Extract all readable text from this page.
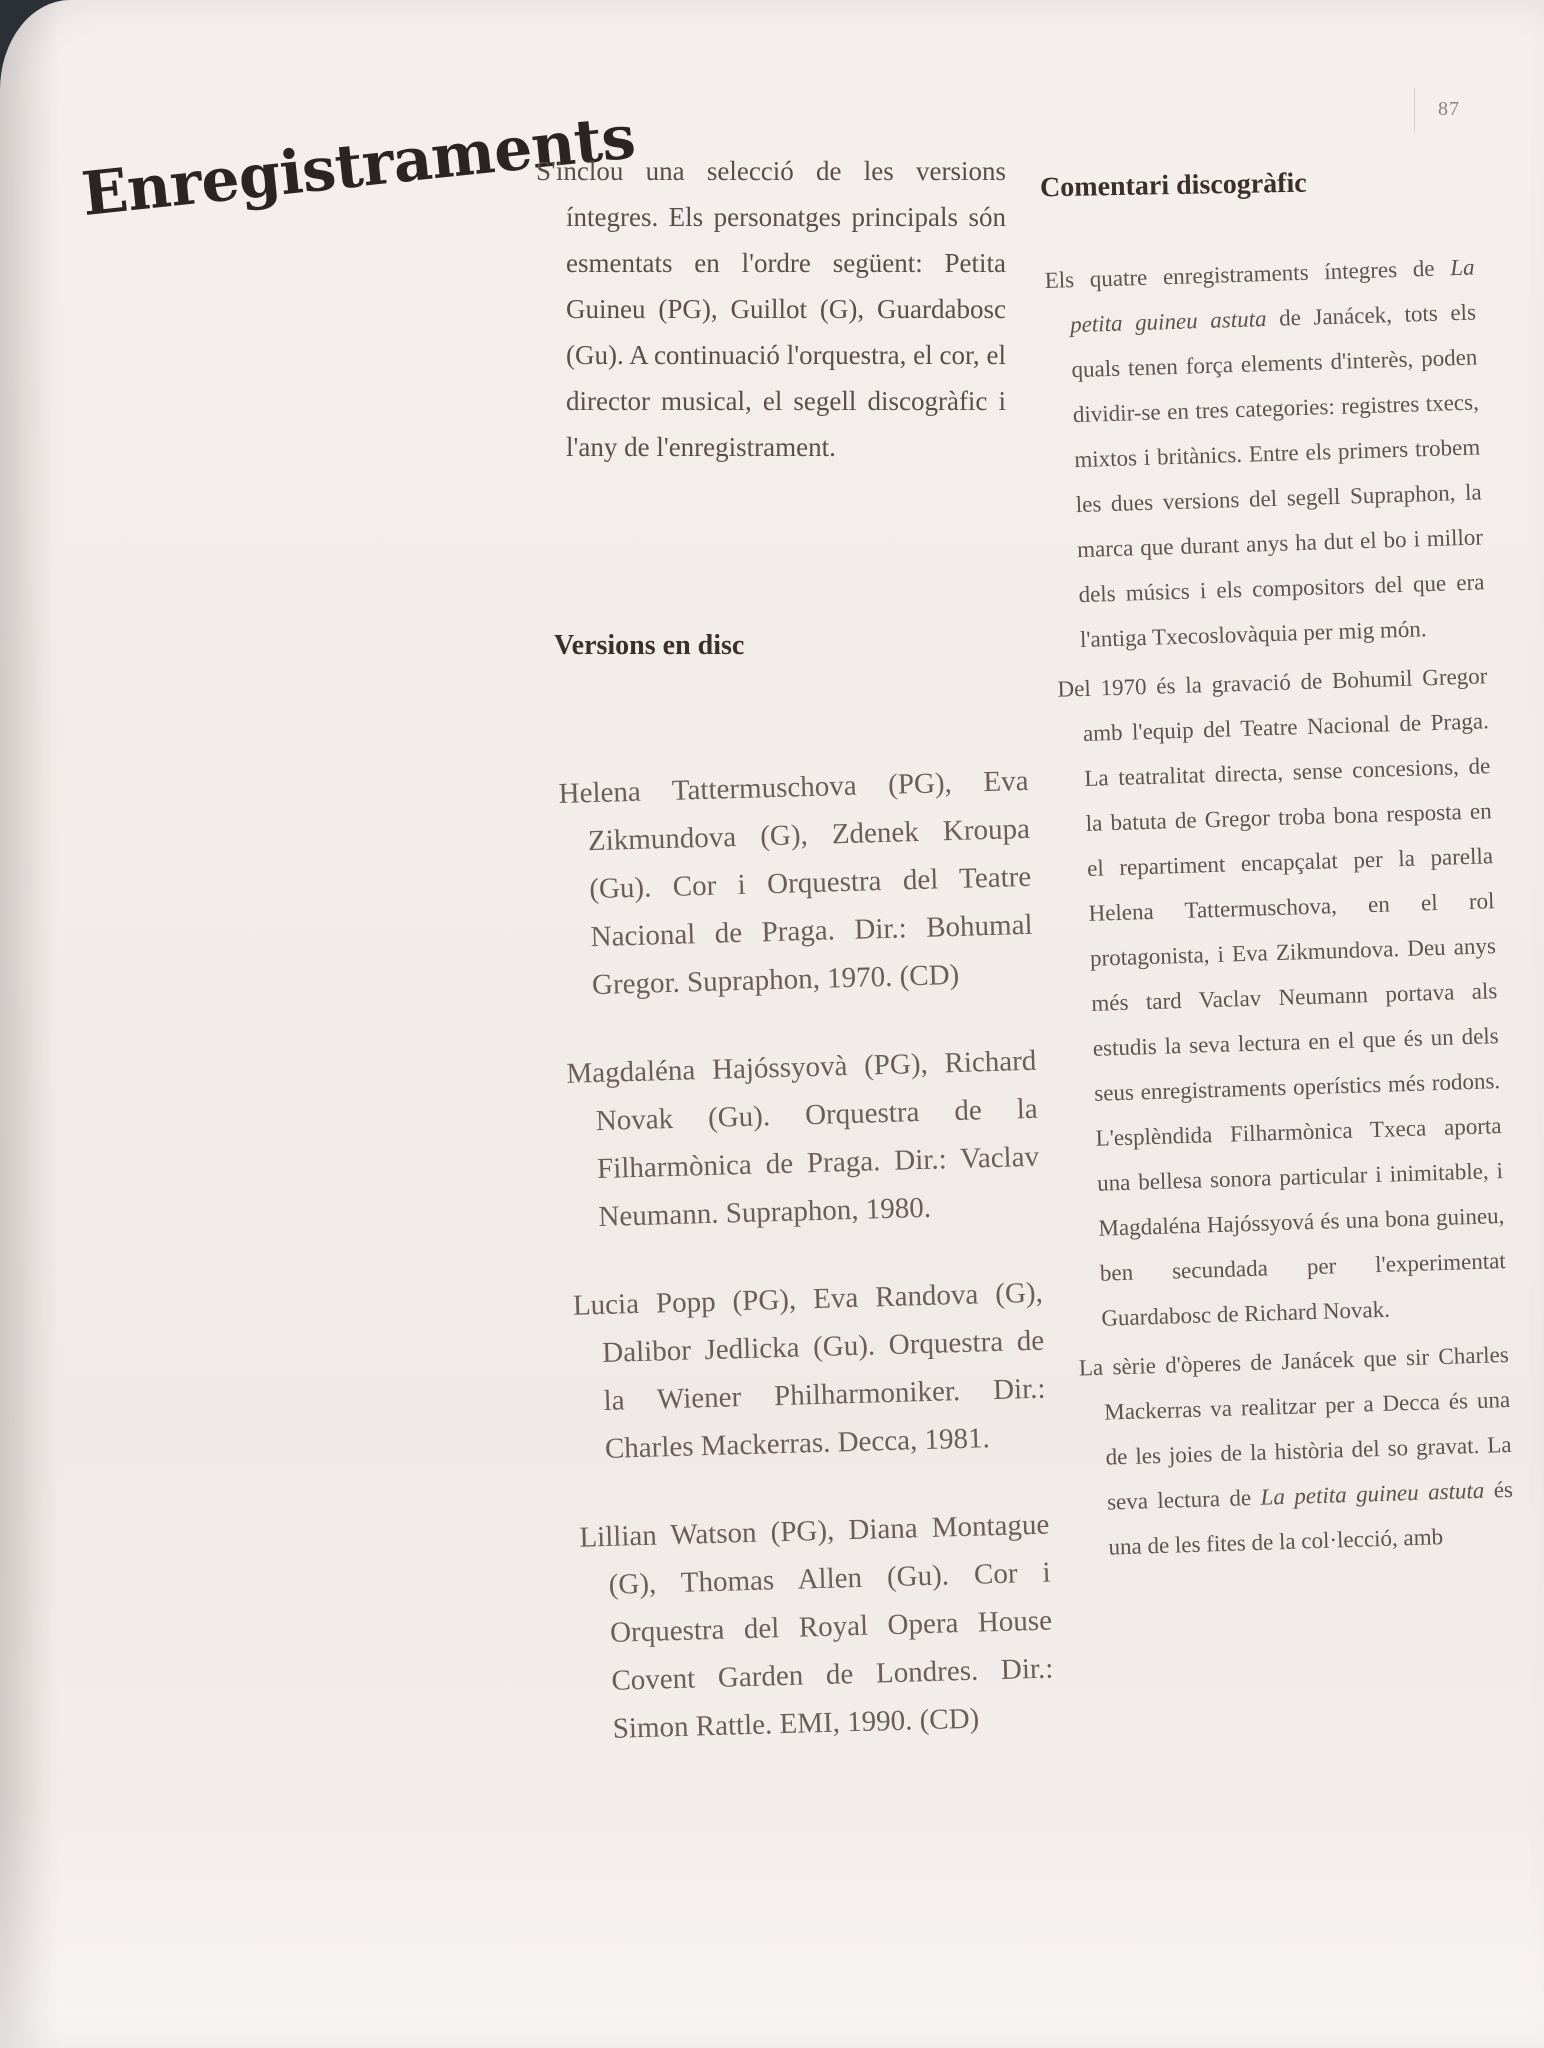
87
Enregistraments
S'inclou una selecció de les versions íntegres. Els personatges principals són esmentats en l'ordre següent: Petita Guineu (PG), Guillot (G), Guardabosc (Gu). A continuació l'orquestra, el cor, el director musical, el segell discogràfic i l'any de l'enregistrament.
Versions en disc
Helena Tattermuschova (PG), Eva Zikmundova (G), Zdenek Kroupa (Gu). Cor i Orquestra del Teatre Nacional de Praga. Dir.: Bohumal Gregor. Supraphon, 1970. (CD)
Magdaléna Hajóssyovà (PG), Richard Novak (Gu). Orquestra de la Filharmònica de Praga. Dir.: Vaclav Neumann. Supraphon, 1980.
Lucia Popp (PG), Eva Randova (G), Dalibor Jedlicka (Gu). Orquestra de la Wiener Philharmoniker. Dir.: Charles Mackerras. Decca, 1981.
Lillian Watson (PG), Diana Montague (G), Thomas Allen (Gu). Cor i Orquestra del Royal Opera House Covent Garden de Londres. Dir.: Simon Rattle. EMI, 1990. (CD)
Comentari discogràfic

Els quatre enregistraments íntegres de La petita guineu astuta de Janácek, tots els quals tenen força elements d'interès, poden dividir-se en tres categories: registres txecs, mixtos i britànics. Entre els primers trobem les dues versions del segell Supraphon, la marca que durant anys ha dut el bo i millor dels músics i els compositors del que era l'antiga Txecoslovàquia per mig món.

Del 1970 és la gravació de Bohumil Gregor amb l'equip del Teatre Nacional de Praga. La teatralitat directa, sense concesions, de la batuta de Gregor troba bona resposta en el repartiment encapçalat per la parella Helena Tattermuschova, en el rol protagonista, i Eva Zikmundova. Deu anys més tard Vaclav Neumann portava als estudis la seva lectura en el que és un dels seus enregistraments operístics més rodons. L'esplèndida Filharmònica Txeca aporta una bellesa sonora particular i inimitable, i Magdaléna Hajóssyová és una bona guineu, ben secundada per l'experimentat Guardabosc de Richard Novak.

La sèrie d'òperes de Janácek que sir Charles Mackerras va realitzar per a Decca és una de les joies de la història del so gravat. La seva lectura de La petita guineu astuta és una de les fites de la col·lecció, amb
